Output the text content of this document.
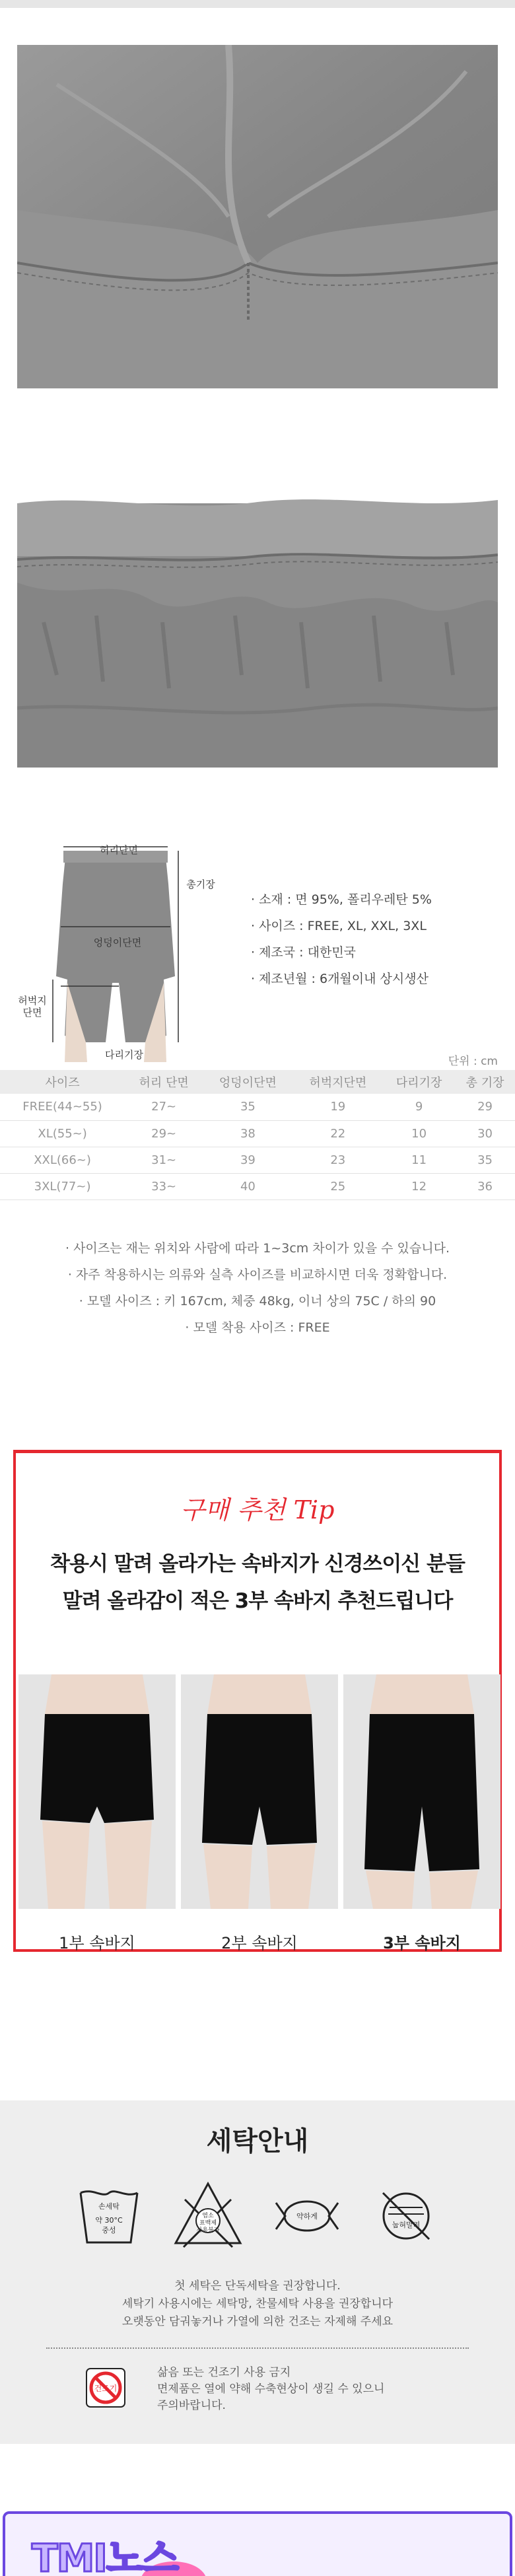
허리단면
총기장
엉덩이단면
허벅지
단면
다리기장
· 소재 : 면 95%, 폴리우레탄 5%
· 사이즈 : FREE, XL, XXL, 3XL
· 제조국 : 대한민국
· 제조년월 : 6개월이내 상시생산
단위 : cm
사이즈	허리 단면	엉덩이단면	허벅지단면	다리기장	총 기장
FREE(44~55)	27~	35	19	9	29
XL(55~)	29~	38	22	10	30
XXL(66~)	31~	39	23	11	35
3XL(77~)	33~	40	25	12	36

· 사이즈는 재는 위치와 사람에 따라 1~3cm 차이가 있을 수 있습니다.

· 자주 착용하시는 의류와 실측 사이즈를 비교하시면 더욱 정확합니다.

· 모델 사이즈 : 키 167cm, 체중 48kg, 이너 상의 75C / 하의 90

· 모델 착용 사이즈 : FREE

구매 추천 Tip
착용시 말려 올라가는 속바지가 신경쓰이신 분들
말려 올라감이 적은 3부 속바지 추천드립니다
1부 속바지	2부 속바지	3부 속바지
세탁안내
손세탁
약 30°C
중성
염소
표백제
사용불가
약하게
눕혀말려

첫 세탁은 단독세탁을 권장합니다.

세탁기 사용시에는 세탁망, 찬물세탁 사용을 권장합니다

오랫동안 담궈놓거나 가열에 의한 건조는 자제해 주세요

건조기

삶음 또는 건조기 사용 금지

면제품은 열에 약해 수축현상이 생길 수 있으니

주의바랍니다.

TMI노스
